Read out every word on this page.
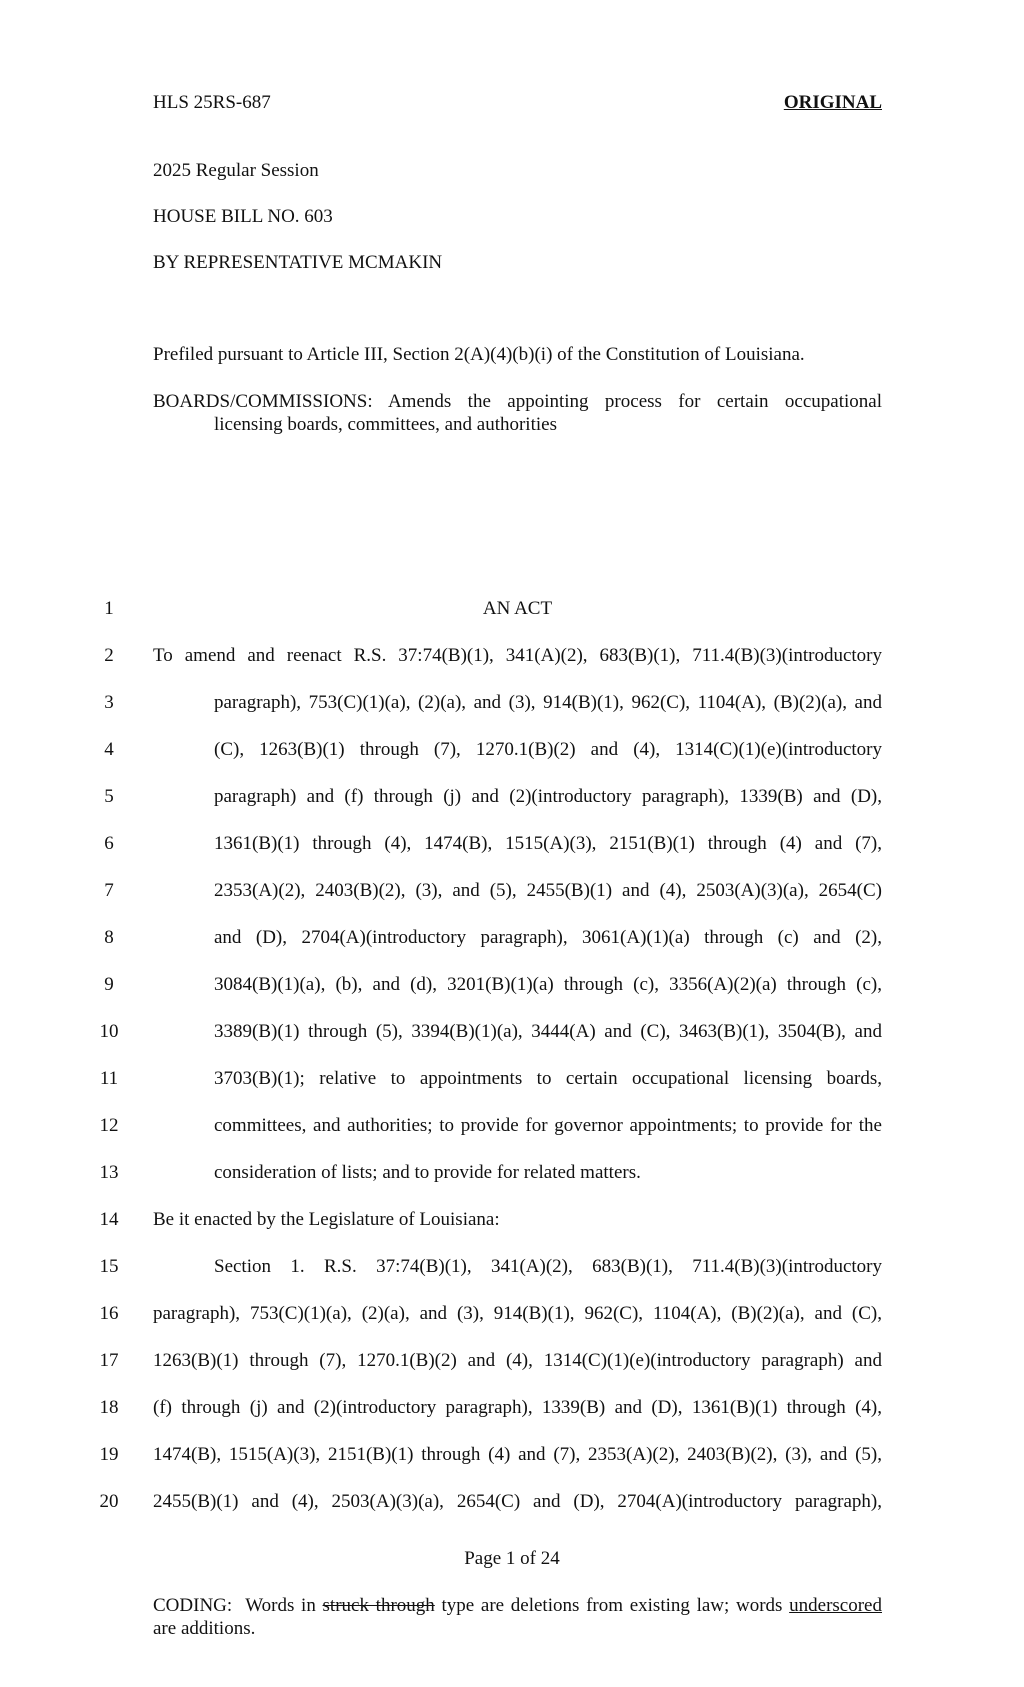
HLS 25RS-687	ORIGINAL
2025 Regular Session
HOUSE BILL NO. 603
BY REPRESENTATIVE MCMAKIN
Prefiled pursuant to Article III, Section 2(A)(4)(b)(i) of the Constitution of Louisiana.
BOARDS/COMMISSIONS: Amends the appointing process for certain occupational
licensing boards, committees, and authorities
1	AN ACT
2	To amend and reenact R.S. 37:74(B)(1), 341(A)(2), 683(B)(1), 711.4(B)(3)(introductory
3	paragraph), 753(C)(1)(a), (2)(a), and (3), 914(B)(1), 962(C), 1104(A), (B)(2)(a), and
4	(C), 1263(B)(1) through (7), 1270.1(B)(2) and (4), 1314(C)(1)(e)(introductory
5	paragraph) and (f) through (j) and (2)(introductory paragraph), 1339(B) and (D),
6	1361(B)(1) through (4), 1474(B), 1515(A)(3), 2151(B)(1) through (4) and (7),
7	2353(A)(2), 2403(B)(2), (3), and (5), 2455(B)(1) and (4), 2503(A)(3)(a), 2654(C)
8	and (D), 2704(A)(introductory paragraph), 3061(A)(1)(a) through (c) and (2),
9	3084(B)(1)(a), (b), and (d), 3201(B)(1)(a) through (c), 3356(A)(2)(a) through (c),
10	3389(B)(1) through (5), 3394(B)(1)(a), 3444(A) and (C), 3463(B)(1), 3504(B), and
11	3703(B)(1); relative to appointments to certain occupational licensing boards,
12	committees, and authorities; to provide for governor appointments; to provide for the
13	consideration of lists; and to provide for related matters.
14 Be it enacted by the Legislature of Louisiana:
15	Section 1. R.S. 37:74(B)(1), 341(A)(2), 683(B)(1), 711.4(B)(3)(introductory
16 paragraph), 753(C)(1)(a), (2)(a), and (3), 914(B)(1), 962(C), 1104(A), (B)(2)(a), and (C),
17 1263(B)(1) through (7), 1270.1(B)(2) and (4), 1314(C)(1)(e)(introductory paragraph) and
18 (f) through (j) and (2)(introductory paragraph), 1339(B) and (D), 1361(B)(1) through (4),
19 1474(B), 1515(A)(3), 2151(B)(1) through (4) and (7), 2353(A)(2), 2403(B)(2), (3), and (5),
20 2455(B)(1) and (4), 2503(A)(3)(a), 2654(C) and (D), 2704(A)(introductory paragraph),
Page 1 of 24
CODING:  Words in struck through type are deletions from existing law; words underscored
are additions.
